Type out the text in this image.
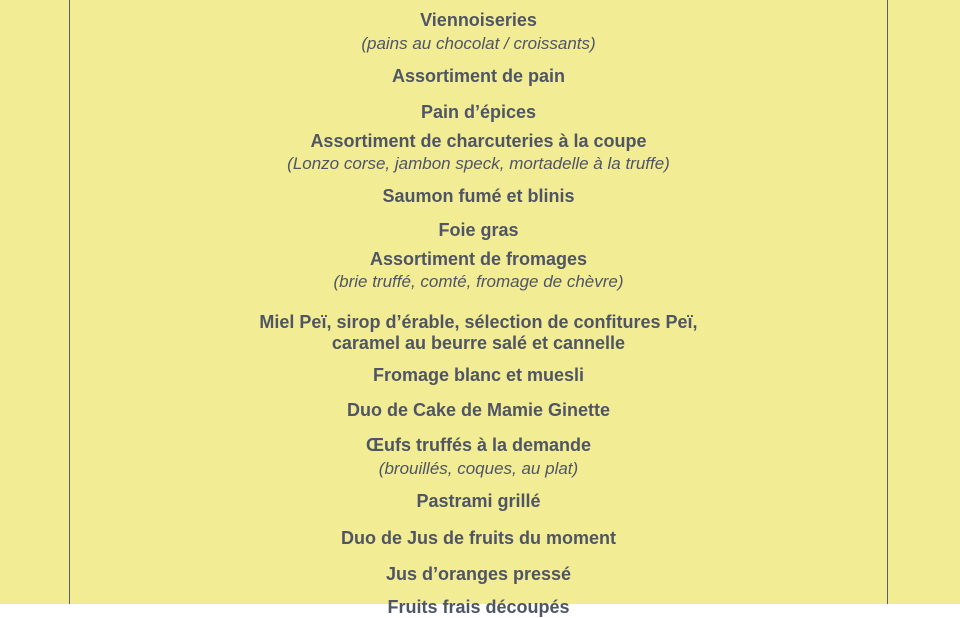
Viennoiseries
(pains au chocolat / croissants)
Assortiment de pain
Pain d’épices
Assortiment de charcuteries à la coupe
(Lonzo corse, jambon speck, mortadelle à la truffe)
Saumon fumé et blinis
Foie gras
Assortiment de fromages
(brie truffé, comté, fromage de chèvre)
Miel Peï, sirop d’érable, sélection de confitures Peï,
caramel au beurre salé et cannelle
Fromage blanc et muesli
Duo de Cake de Mamie Ginette
Œufs truffés à la demande
(brouillés, coques, au plat)
Pastrami grillé
Duo de Jus de fruits du moment
Jus d’oranges pressé
Fruits frais découpés
